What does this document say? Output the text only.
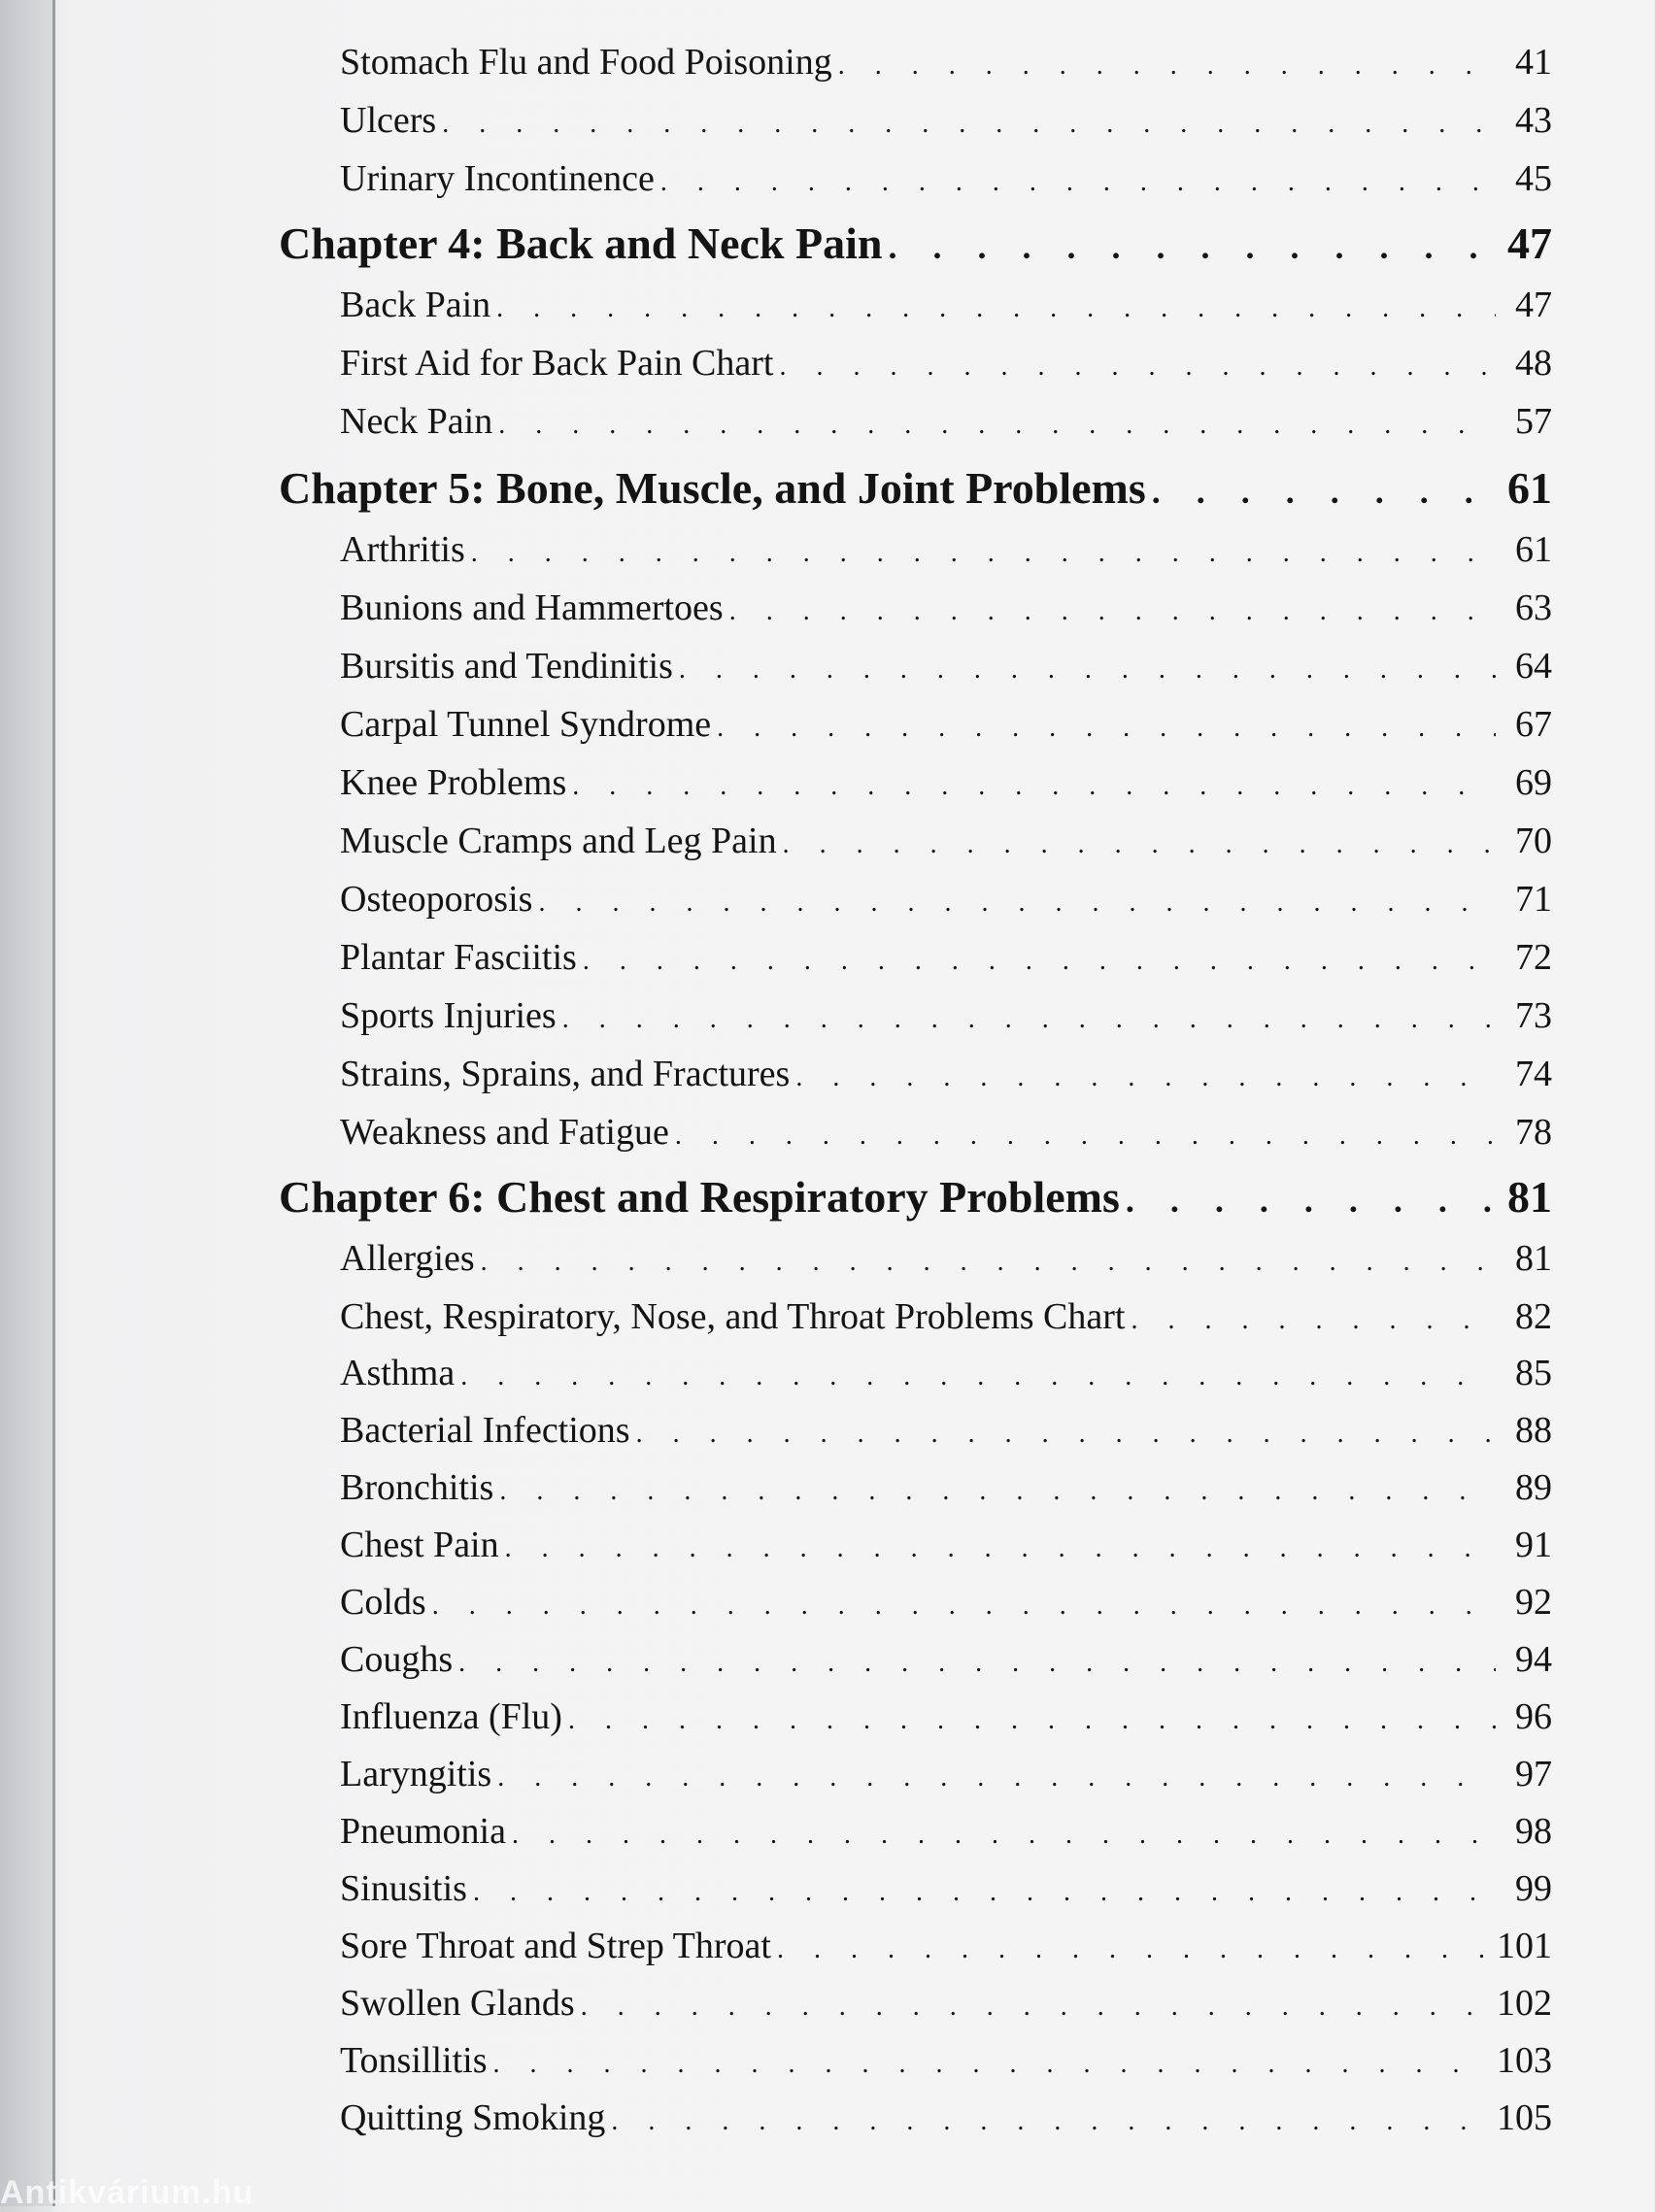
Stomach Flu and Food Poisoning . . .	41
Ulcers . . .	43
Urinary Incontinence . . .	45
Chapter 4: Back and Neck Pain . . .	47
Back Pain . . .	47
First Aid for Back Pain Chart . . .	48
Neck Pain . . .	57
Chapter 5: Bone, Muscle, and Joint Problems . . .	61
Arthritis . . .	61
Bunions and Hammertoes . . .	63
Bursitis and Tendinitis . . .	64
Carpal Tunnel Syndrome . . .	67
Knee Problems . . .	69
Muscle Cramps and Leg Pain . . .	70
Osteoporosis . . .	71
Plantar Fasciitis . . .	72
Sports Injuries . . .	73
Strains, Sprains, and Fractures . . .	74
Weakness and Fatigue . . .	78
Chapter 6: Chest and Respiratory Problems . . .	81
Allergies . . .	81
Chest, Respiratory, Nose, and Throat Problems Chart . . .	82
Asthma . . .	85
Bacterial Infections . . .	88
Bronchitis . . .	89
Chest Pain . . .	91
Colds . . .	92
Coughs . . .	94
Influenza (Flu) . . .	96
Laryngitis . . .	97
Pneumonia . . .	98
Sinusitis . . .	99
Sore Throat and Strep Throat . . .	101
Swollen Glands . . .	102
Tonsillitis . . .	103
Quitting Smoking . . .	105
Antikvárium.hu
